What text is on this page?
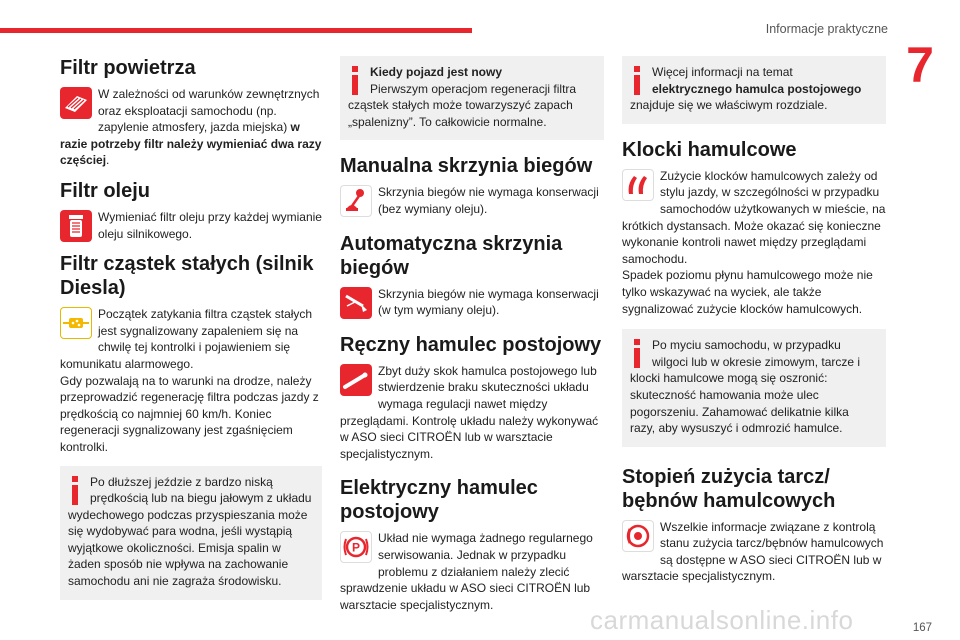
Informacje praktyczne
7
Filtr powietrza
W zależności od warunków zewnętrznych oraz eksploatacji samochodu (np. zapylenie atmosfery, jazda miejska) w razie potrzeby filtr należy wymieniać dwa razy częściej.
Filtr oleju
Wymieniać filtr oleju przy każdej wymianie oleju silnikowego.
Filtr cząstek stałych (silnik Diesla)
Początek zatykania filtra cząstek stałych jest sygnalizowany zapaleniem się na chwilę tej kontrolki i pojawieniem się komunikatu alarmowego.
Gdy pozwalają na to warunki na drodze, należy przeprowadzić regenerację filtra podczas jazdy z prędkością co najmniej 60 km/h. Koniec regeneracji sygnalizowany jest zgaśnięciem kontrolki.
Po dłuższej jeździe z bardzo niską prędkością lub na biegu jałowym z układu wydechowego podczas przyspieszania może się wydobywać para wodna, jeśli wystąpią wyjątkowe okoliczności. Emisja spalin w żaden sposób nie wpływa na zachowanie samochodu ani nie zagraża środowisku.
Kiedy pojazd jest nowy
Pierwszym operacjom regeneracji filtra cząstek stałych może towarzyszyć zapach „spalenizny”. To całkowicie normalne.
Manualna skrzynia biegów
Skrzynia biegów nie wymaga konserwacji (bez wymiany oleju).
Automatyczna skrzynia biegów
Skrzynia biegów nie wymaga konserwacji (w tym wymiany oleju).
Ręczny hamulec postojowy
Zbyt duży skok hamulca postojowego lub stwierdzenie braku skuteczności układu wymaga regulacji nawet między przeglądami. Kontrolę układu należy wykonywać w ASO sieci CITROËN lub w warsztacie specjalistycznym.
Elektryczny hamulec postojowy
P
Układ nie wymaga żadnego regularnego serwisowania. Jednak w przypadku problemu z działaniem należy zlecić sprawdzenie układu w ASO sieci CITROËN lub warsztacie specjalistycznym.
Więcej informacji na temat elektrycznego hamulca postojowego znajduje się we właściwym rozdziale.
Klocki hamulcowe
Zużycie klocków hamulcowych zależy od stylu jazdy, w szczególności w przypadku samochodów użytkowanych w mieście, na krótkich dystansach. Może okazać się konieczne wykonanie kontroli nawet między przeglądami samochodu.
Spadek poziomu płynu hamulcowego może nie tylko wskazywać na wyciek, ale także sygnalizować zużycie klocków hamulcowych.
Po myciu samochodu, w przypadku wilgoci lub w okresie zimowym, tarcze i klocki hamulcowe mogą się oszronić: skuteczność hamowania może ulec pogorszeniu. Zahamować delikatnie kilka razy, aby wysuszyć i odmrozić hamulce.
Stopień zużycia tarcz/ bębnów hamulcowych
Wszelkie informacje związane z kontrolą stanu zużycia tarcz/bębnów hamulcowych są dostępne w ASO sieci CITROËN lub w warsztacie specjalistycznym.
carmanualsonline.info	167
